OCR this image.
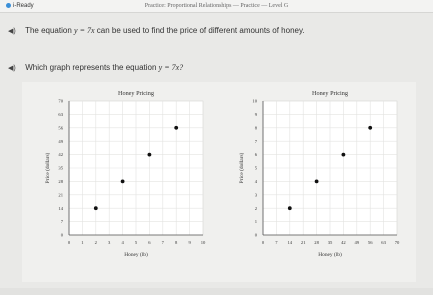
i-Ready	Practice: Proportional Relationships — Practice — Level G
◀) The equation y = 7x can be used to find the price of different amounts of honey.
◀) Which graph represents the equation y = 7x?
0 1 2 3 4 5 6 7 8 9 10
0
7
14
21
28
35
42
49
56
63
70
Honey Pricing
Honey (lb)
Price (dollars)
0 7 14 21 28 35 42 49 56 63 70
0
1
2
3
4
5
6
7
8
9
10
Honey Pricing
Honey (lb)
Price (dollars)
